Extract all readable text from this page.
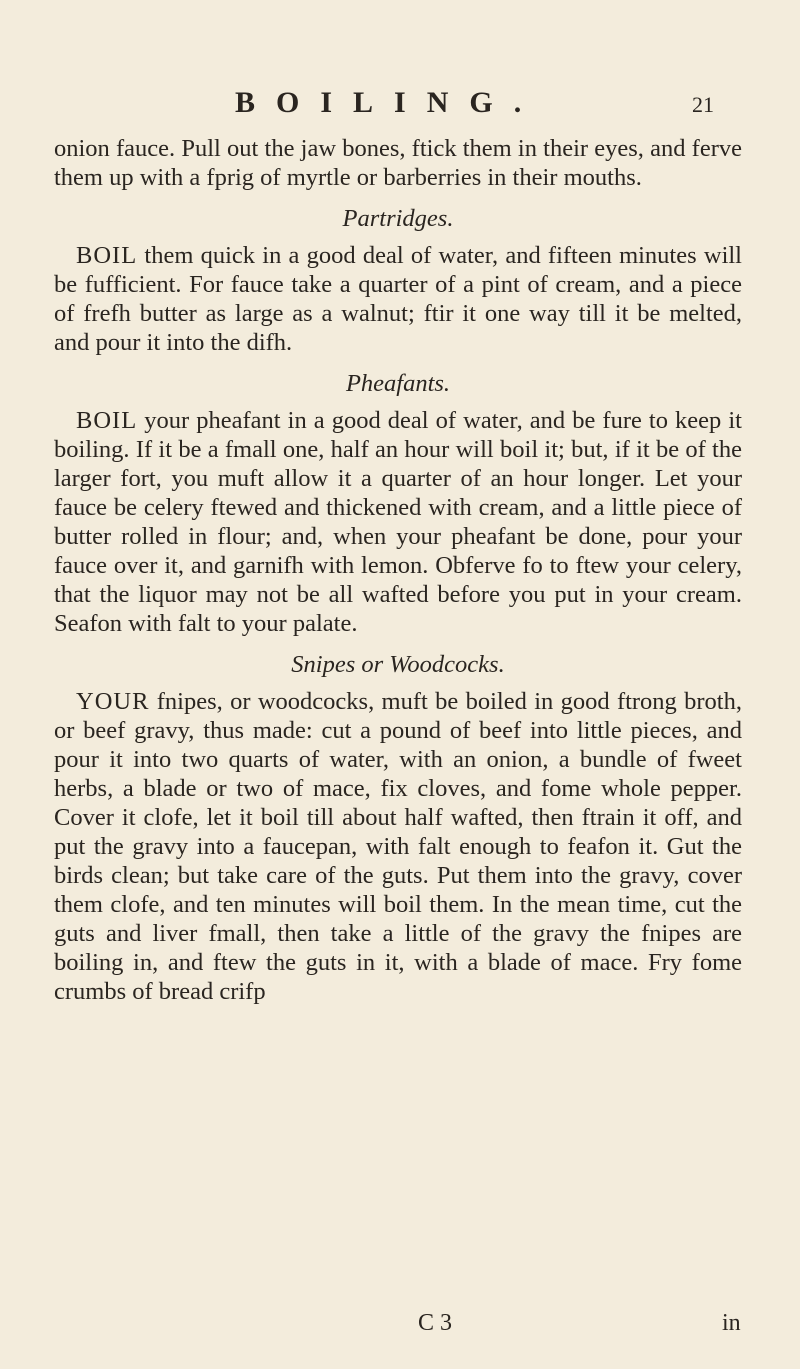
BOILING.	21

onion fauce. Pull out the jaw bones, ftick them in their eyes, and ferve them up with a fprig of myrtle or barberries in their mouths.

Partridges.

BOIL them quick in a good deal of water, and fifteen minutes will be fufficient. For fauce take a quarter of a pint of cream, and a piece of frefh butter as large as a walnut; ftir it one way till it be melted, and pour it into the difh.

Pheafants.

BOIL your pheafant in a good deal of water, and be fure to keep it boiling. If it be a fmall one, half an hour will boil it; but, if it be of the larger fort, you muft allow it a quarter of an hour longer. Let your fauce be celery ftewed and thickened with cream, and a little piece of butter rolled in flour; and, when your pheafant be done, pour your fauce over it, and garnifh with lemon. Obferve fo to ftew your celery, that the liquor may not be all wafted before you put in your cream. Seafon with falt to your palate.

Snipes or Woodcocks.

YOUR fnipes, or woodcocks, muft be boiled in good ftrong broth, or beef gravy, thus made: cut a pound of beef into little pieces, and pour it into two quarts of water, with an onion, a bundle of fweet herbs, a blade or two of mace, fix cloves, and fome whole pepper. Cover it clofe, let it boil till about half wafted, then ftrain it off, and put the gravy into a faucepan, with falt enough to feafon it. Gut the birds clean; but take care of the guts. Put them into the gravy, cover them clofe, and ten minutes will boil them. In the mean time, cut the guts and liver fmall, then take a little of the gravy the fnipes are boiling in, and ftew the guts in it, with a blade of mace. Fry fome crumbs of bread crifp

C 3	in
